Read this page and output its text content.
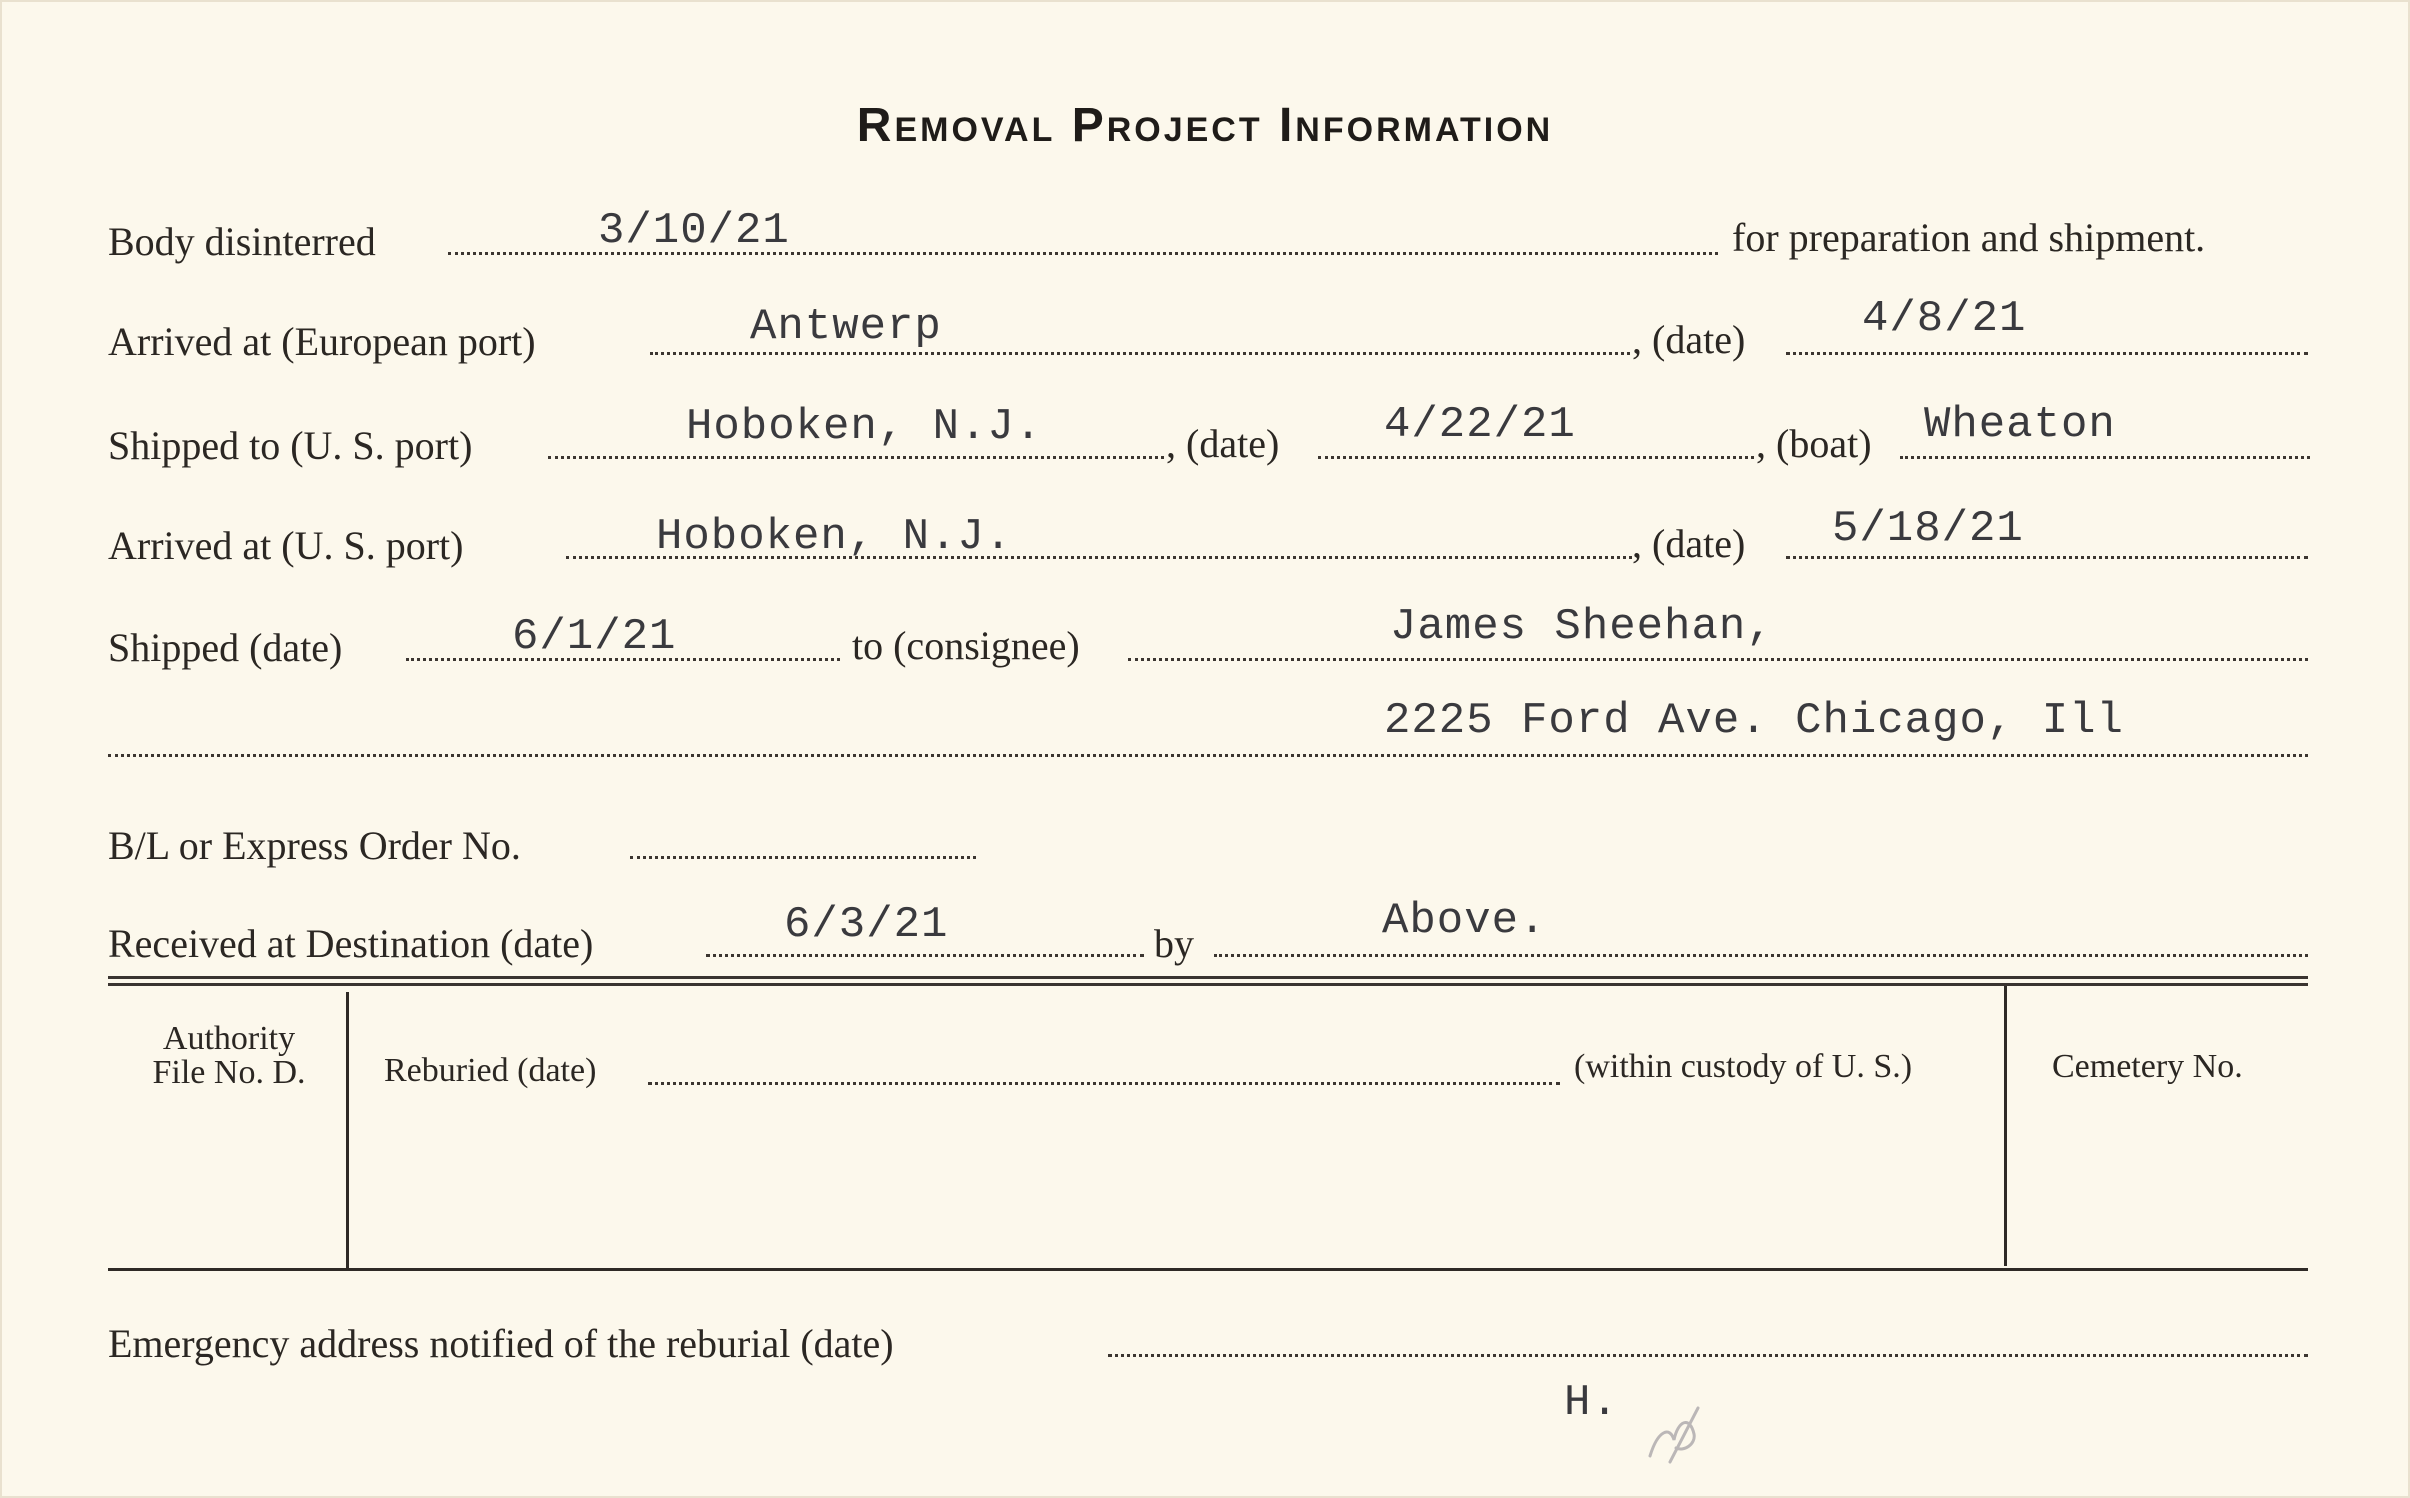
Removal Project Information
Body disinterred	3/10/21	for preparation and shipment.
Arrived at (European port)	Antwerp	, (date)	4/8/21
Shipped to (U. S. port)	Hoboken, N.J.	, (date) 4/22/21	, (boat) Wheaton
Arrived at (U. S. port)	Hoboken, N.J.	, (date) 5/18/21
Shipped (date)	6/1/21	to (consignee)	James Sheehan,
2225 Ford Ave. Chicago, Ill
B/L or Express Order No.
Received at Destination (date)	6/3/21	by	Above.
Authority
File No. D.	Reburied (date)	(within custody of U. S.)	Cemetery No.
Emergency address notified of the reburial (date)
H.
